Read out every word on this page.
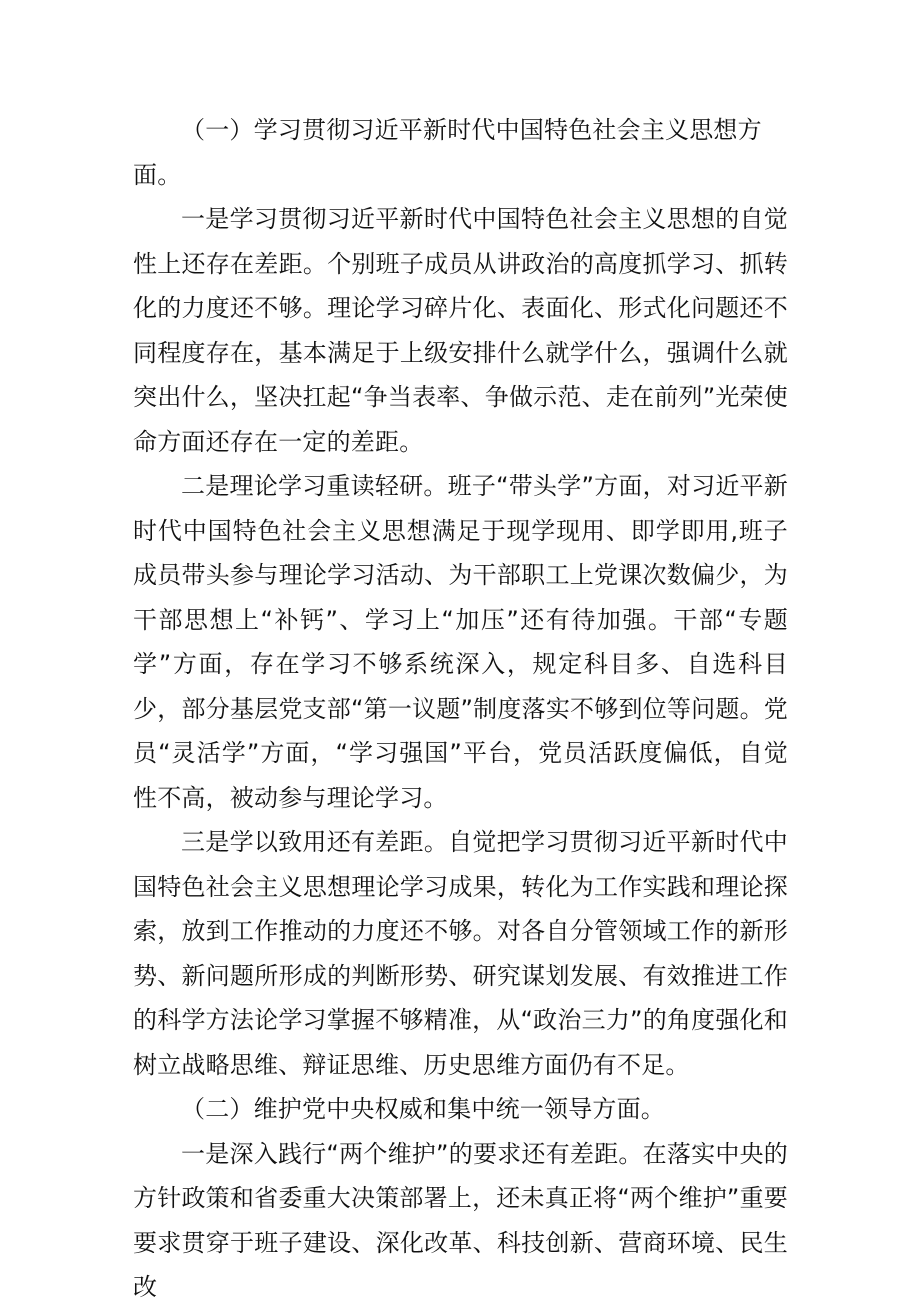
（一）学习贯彻习近平新时代中国特色社会主义思想方面。

一是学习贯彻习近平新时代中国特色社会主义思想的自觉性上还存在差距。个别班子成员从讲政治的高度抓学习、抓转化的力度还不够。理论学习碎片化、表面化、形式化问题还不同程度存在，基本满足于上级安排什么就学什么，强调什么就突出什么，坚决扛起“争当表率、争做示范、走在前列”光荣使命方面还存在一定的差距。

二是理论学习重读轻研。班子“带头学”方面，对习近平新时代中国特色社会主义思想满足于现学现用、即学即用,班子成员带头参与理论学习活动、为干部职工上党课次数偏少，为干部思想上“补钙”、学习上“加压”还有待加强。干部“专题学”方面，存在学习不够系统深入，规定科目多、自选科目少，部分基层党支部“第一议题”制度落实不够到位等问题。党员“灵活学”方面，“学习强国”平台，党员活跃度偏低，自觉性不高，被动参与理论学习。

三是学以致用还有差距。自觉把学习贯彻习近平新时代中国特色社会主义思想理论学习成果，转化为工作实践和理论探索，放到工作推动的力度还不够。对各自分管领域工作的新形势、新问题所形成的判断形势、研究谋划发展、有效推进工作的科学方法论学习掌握不够精准，从“政治三力”的角度强化和树立战略思维、辩证思维、历史思维方面仍有不足。

（二）维护党中央权威和集中统一领导方面。

一是深入践行“两个维护”的要求还有差距。在落实中央的方针政策和省委重大决策部署上，还未真正将“两个维护”重要要求贯穿于班子建设、深化改革、科技创新、营商环境、民生改
